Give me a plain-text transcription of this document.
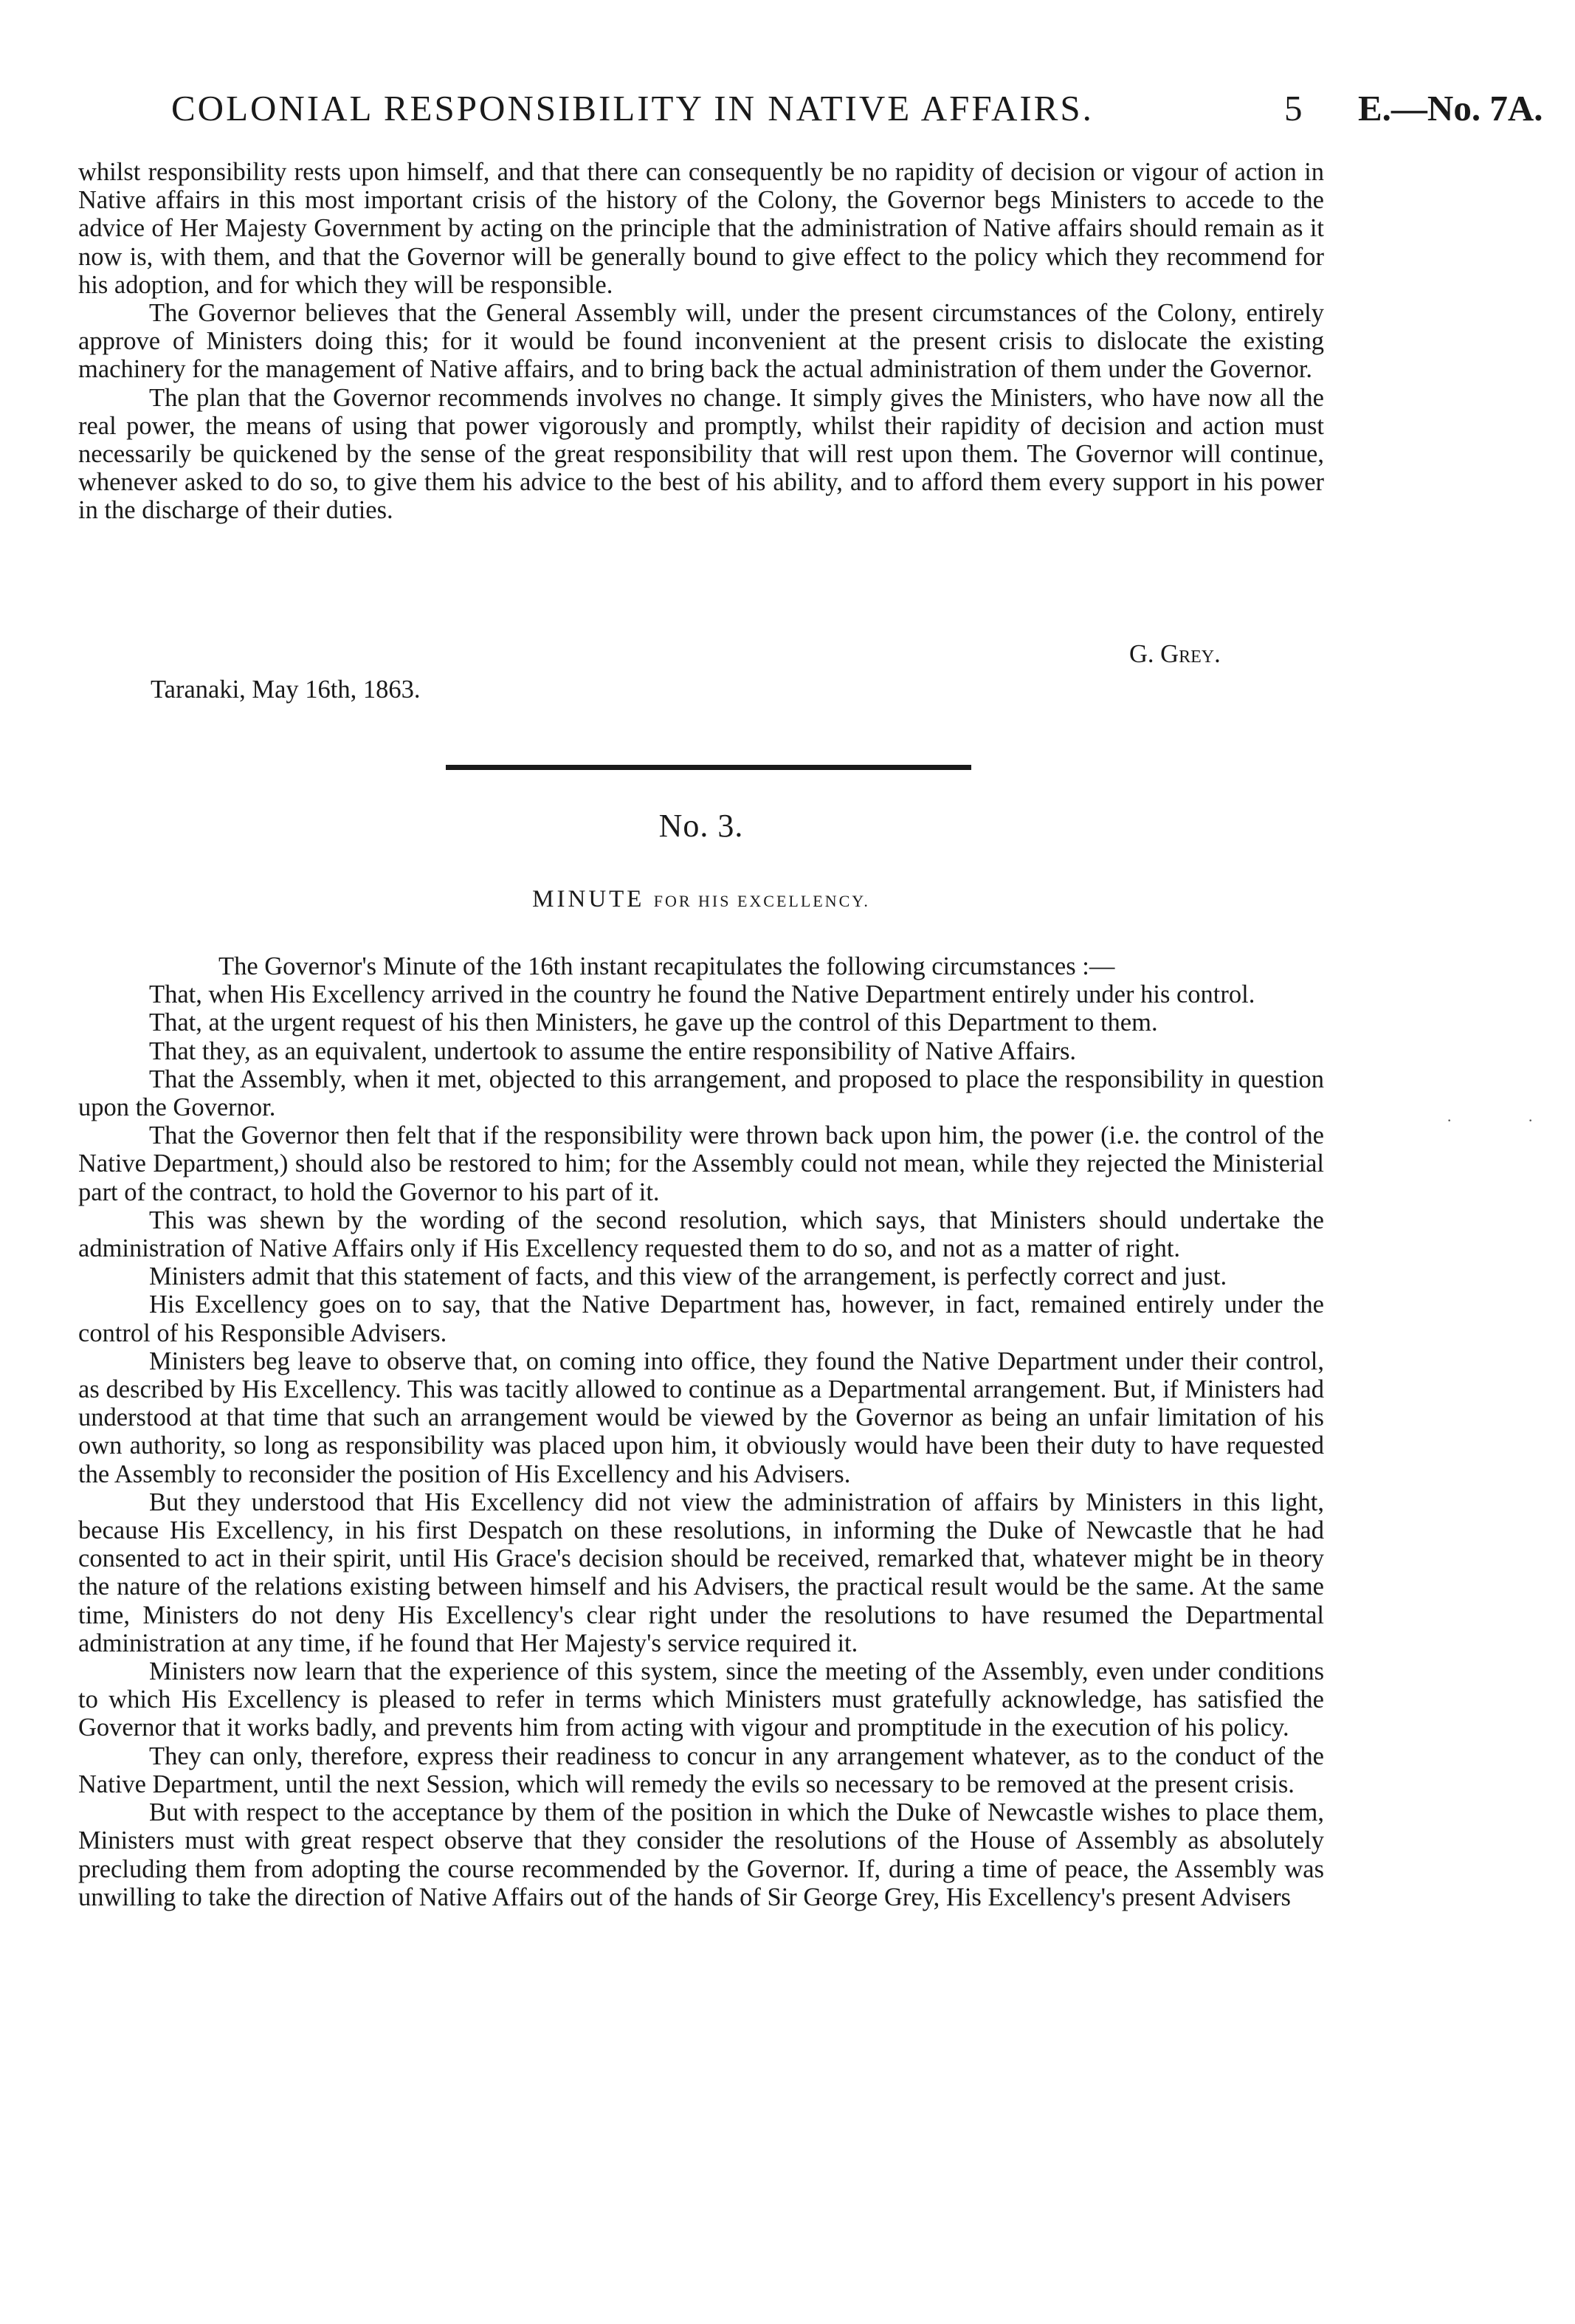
COLONIAL RESPONSIBILITY IN NATIVE AFFAIRS.	5 E.—No. 7A.

whilst responsibility rests upon himself, and that there can consequently be no rapidity of decision or vigour of action in Native affairs in this most important crisis of the history of the Colony, the Governor begs Ministers to accede to the advice of Her Majesty Government by acting on the principle that the administration of Native affairs should remain as it now is, with them, and that the Governor will be generally bound to give effect to the policy which they recommend for his adoption, and for which they will be responsible.

The Governor believes that the General Assembly will, under the present circumstances of the Colony, entirely approve of Ministers doing this; for it would be found inconvenient at the present crisis to dislocate the existing machinery for the management of Native affairs, and to bring back the actual administration of them under the Governor.

The plan that the Governor recommends involves no change. It simply gives the Ministers, who have now all the real power, the means of using that power vigorously and promptly, whilst their rapidity of decision and action must necessarily be quickened by the sense of the great responsibility that will rest upon them. The Governor will continue, whenever asked to do so, to give them his advice to the best of his ability, and to afford them every support in his power in the discharge of their duties.

G. Grey.
Taranaki, May 16th, 1863.
No. 3.
MINUTE FOR HIS EXCELLENCY.

The Governor's Minute of the 16th instant recapitulates the following circumstances :—

That, when His Excellency arrived in the country he found the Native Department entirely under his control.

That, at the urgent request of his then Ministers, he gave up the control of this Department to them.

That they, as an equivalent, undertook to assume the entire responsibility of Native Affairs.

That the Assembly, when it met, objected to this arrangement, and proposed to place the responsibility in question upon the Governor.

That the Governor then felt that if the responsibility were thrown back upon him, the power (i.e. the control of the Native Department,) should also be restored to him; for the Assembly could not mean, while they rejected the Ministerial part of the contract, to hold the Governor to his part of it.

This was shewn by the wording of the second resolution, which says, that Ministers should undertake the administration of Native Affairs only if His Excellency requested them to do so, and not as a matter of right.

Ministers admit that this statement of facts, and this view of the arrangement, is perfectly correct and just.

His Excellency goes on to say, that the Native Department has, however, in fact, remained entirely under the control of his Responsible Advisers.

Ministers beg leave to observe that, on coming into office, they found the Native Department under their control, as described by His Excellency. This was tacitly allowed to continue as a Departmental arrangement. But, if Ministers had understood at that time that such an arrangement would be viewed by the Governor as being an unfair limitation of his own authority, so long as responsibility was placed upon him, it obviously would have been their duty to have requested the Assembly to reconsider the position of His Excellency and his Advisers.

But they understood that His Excellency did not view the administration of affairs by Ministers in this light, because His Excellency, in his first Despatch on these resolutions, in informing the Duke of Newcastle that he had consented to act in their spirit, until His Grace's decision should be received, remarked that, whatever might be in theory the nature of the relations existing between himself and his Advisers, the practical result would be the same. At the same time, Ministers do not deny His Excellency's clear right under the resolutions to have resumed the Departmental administration at any time, if he found that Her Majesty's service required it.

Ministers now learn that the experience of this system, since the meeting of the Assembly, even under conditions to which His Excellency is pleased to refer in terms which Ministers must gratefully acknowledge, has satisfied the Governor that it works badly, and prevents him from acting with vigour and promptitude in the execution of his policy.

They can only, therefore, express their readiness to concur in any arrangement whatever, as to the conduct of the Native Department, until the next Session, which will remedy the evils so necessary to be removed at the present crisis.

But with respect to the acceptance by them of the position in which the Duke of Newcastle wishes to place them, Ministers must with great respect observe that they consider the resolutions of the House of Assembly as absolutely precluding them from adopting the course recommended by the Governor. If, during a time of peace, the Assembly was unwilling to take the direction of Native Affairs out of the hands of Sir George Grey, His Excellency's present Advisers

·	·
